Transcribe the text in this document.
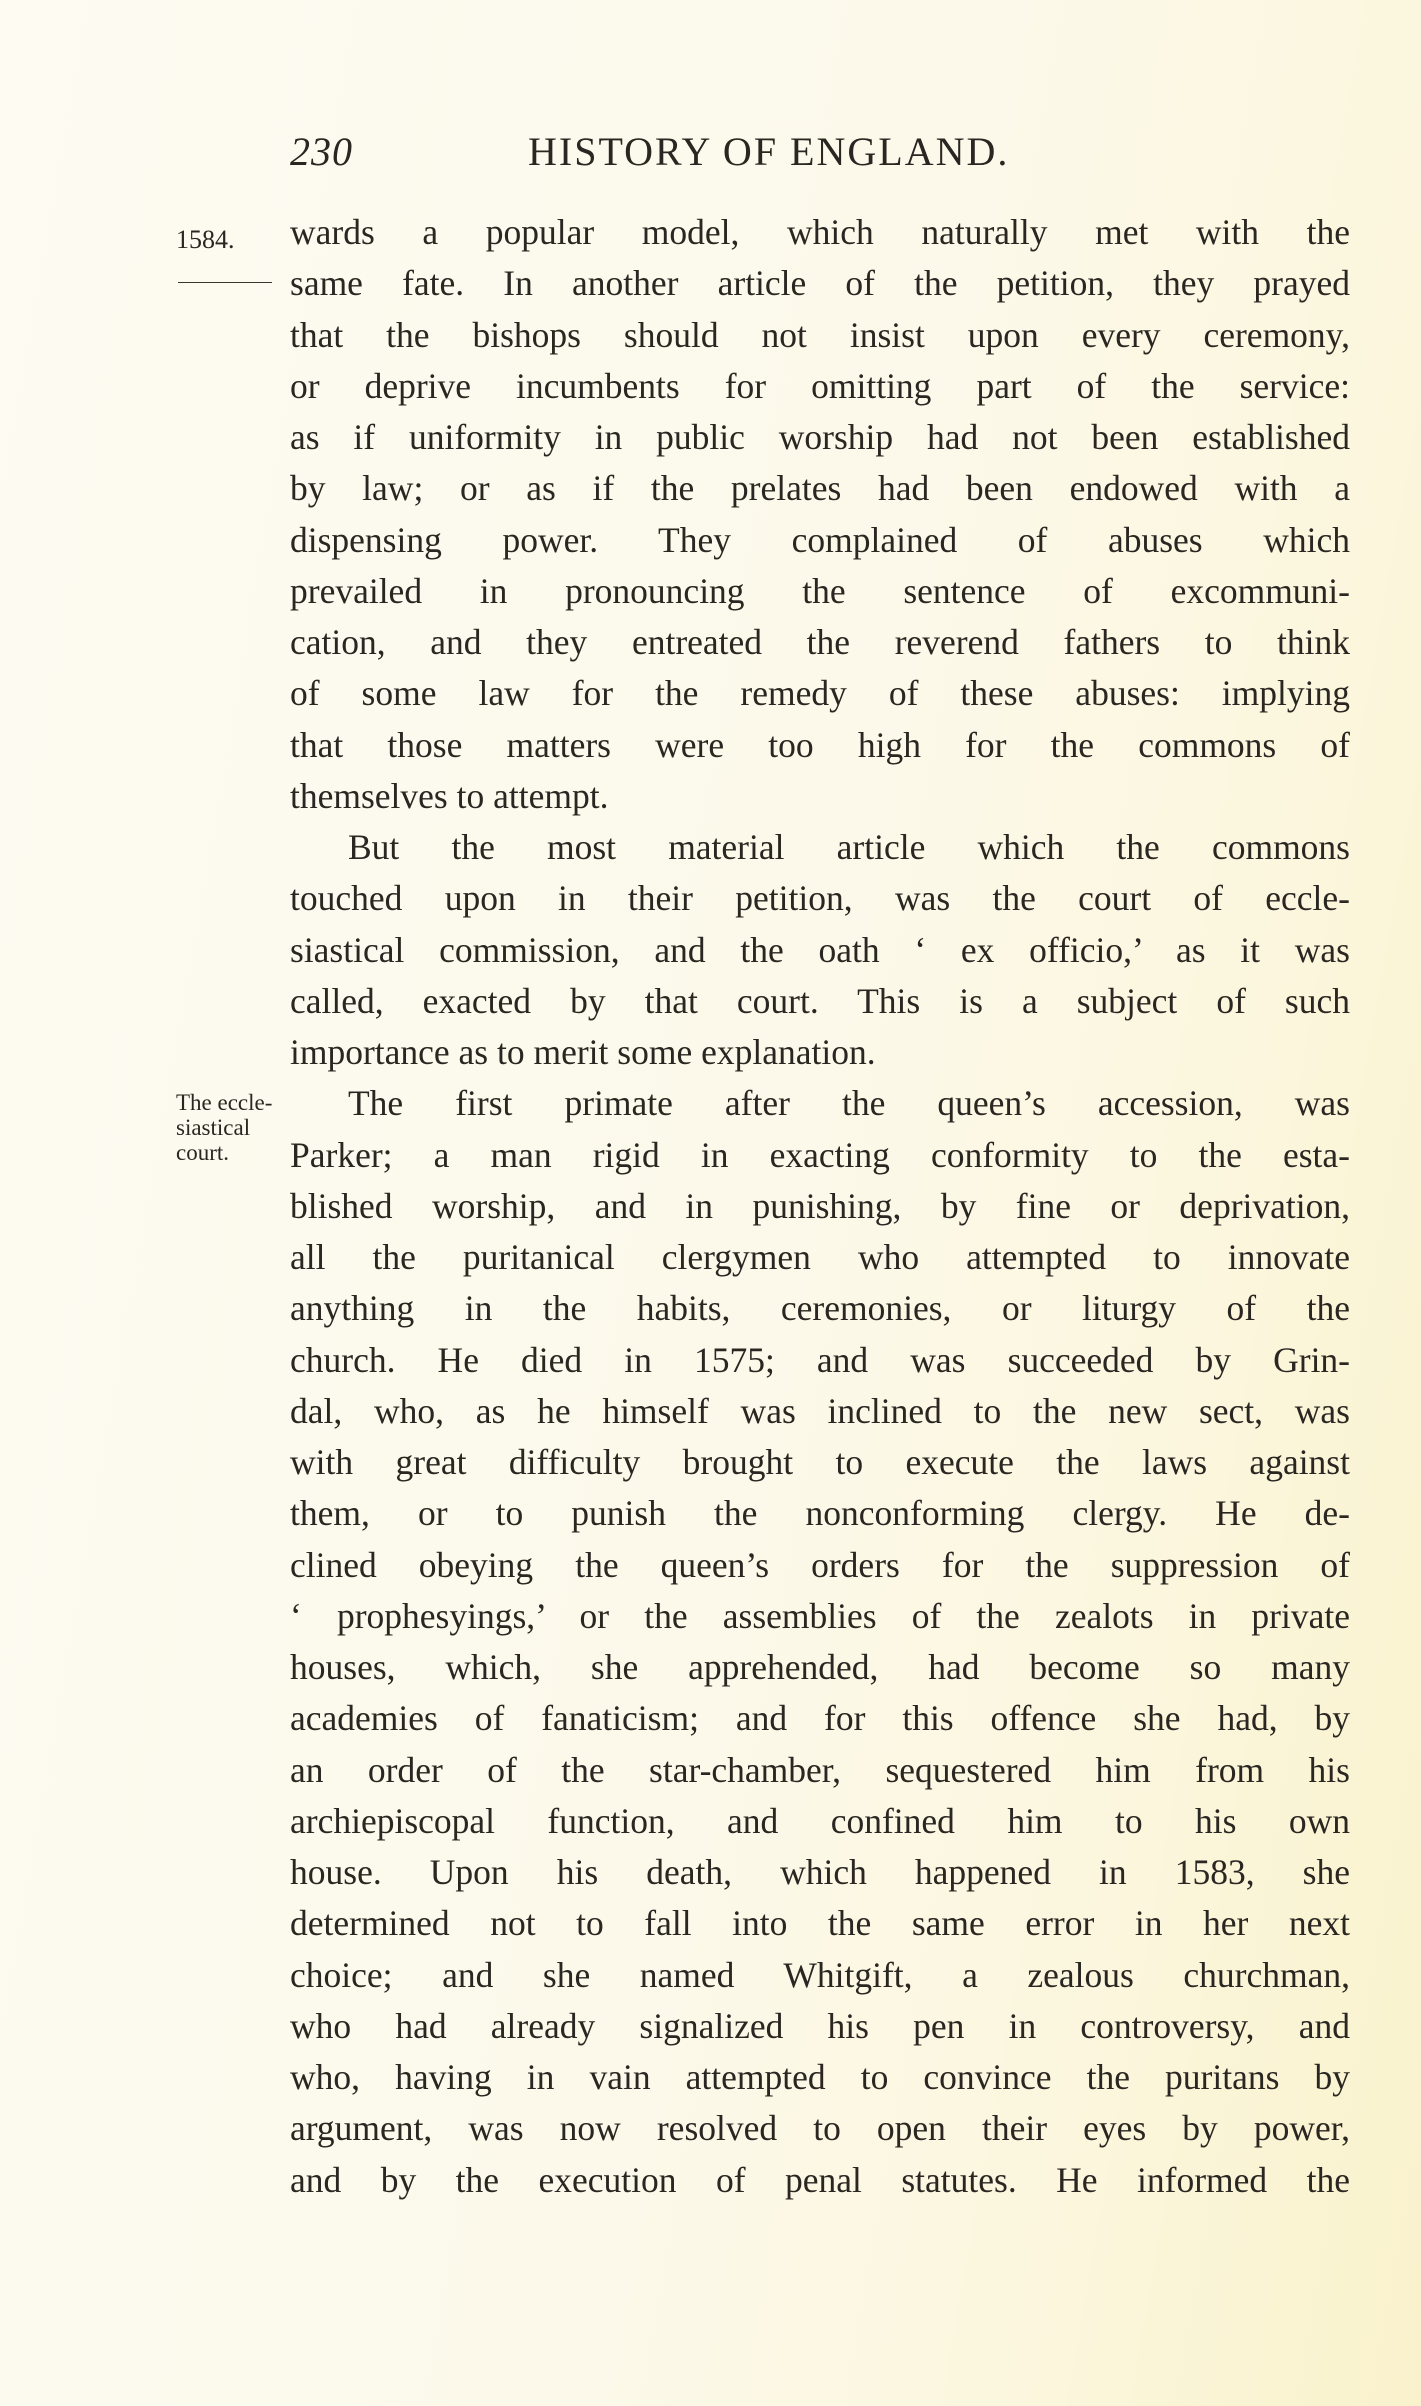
230	HISTORY OF ENGLAND.
1584.
The eccle-
siastical
court.
wards a popular model, which naturally met with the
same fate. In another article of the petition, they prayed
that the bishops should not insist upon every ceremony,
or deprive incumbents for omitting part of the service:
as if uniformity in public worship had not been established
by law; or as if the prelates had been endowed with a
dispensing power. They complained of abuses which
prevailed in pronouncing the sentence of excommuni-
cation, and they entreated the reverend fathers to think
of some law for the remedy of these abuses: implying
that those matters were too high for the commons of
themselves to attempt.
But the most material article which the commons
touched upon in their petition, was the court of eccle-
siastical commission, and the oath ‘ ex officio,’ as it was
called, exacted by that court. This is a subject of such
importance as to merit some explanation.
The first primate after the queen’s accession, was
Parker; a man rigid in exacting conformity to the esta-
blished worship, and in punishing, by fine or deprivation,
all the puritanical clergymen who attempted to innovate
anything in the habits, ceremonies, or liturgy of the
church. He died in 1575; and was succeeded by Grin-
dal, who, as he himself was inclined to the new sect, was
with great difficulty brought to execute the laws against
them, or to punish the nonconforming clergy. He de-
clined obeying the queen’s orders for the suppression of
‘ prophesyings,’ or the assemblies of the zealots in private
houses, which, she apprehended, had become so many
academies of fanaticism; and for this offence she had, by
an order of the star-chamber, sequestered him from his
archiepiscopal function, and confined him to his own
house. Upon his death, which happened in 1583, she
determined not to fall into the same error in her next
choice; and she named Whitgift, a zealous churchman,
who had already signalized his pen in controversy, and
who, having in vain attempted to convince the puritans by
argument, was now resolved to open their eyes by power,
and by the execution of penal statutes. He informed the
